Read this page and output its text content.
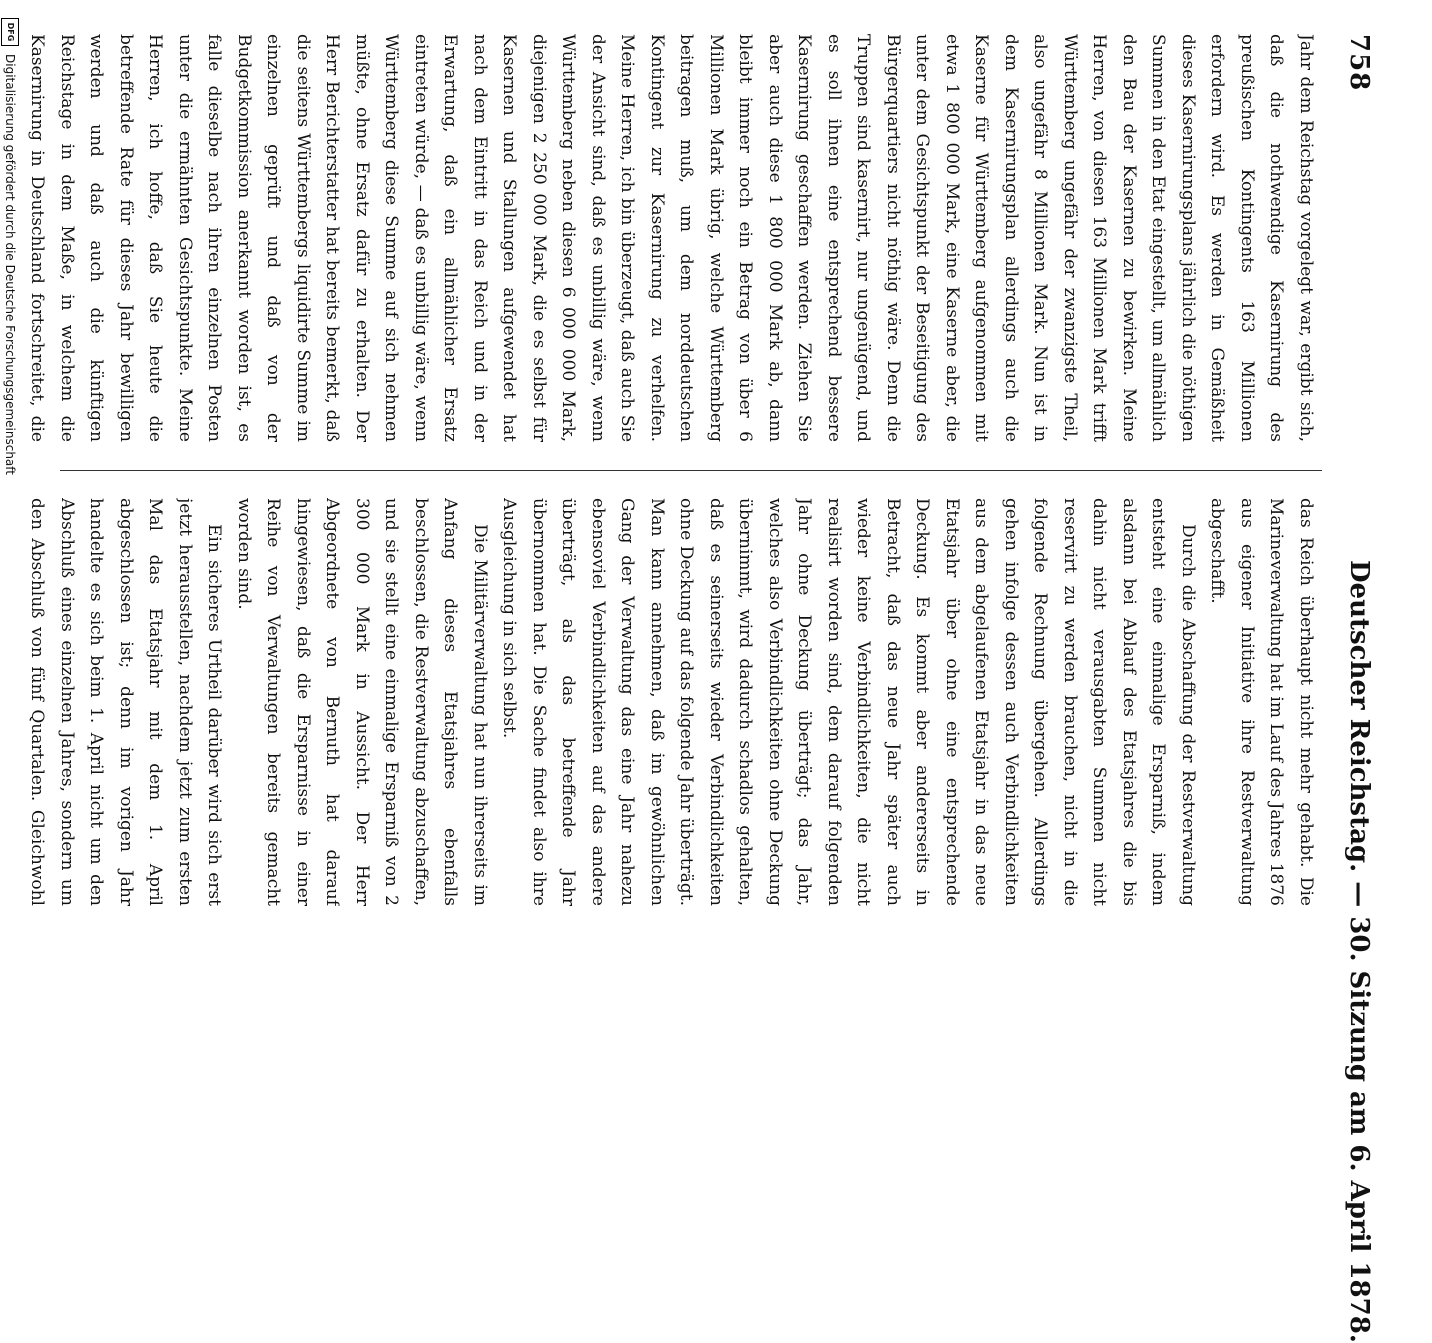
758
Deutscher Reichstag. — 30. Sitzung am 6. April 1878.

Jahr dem Reichstag vorgelegt war, ergibt sich, daß die nothwendige Kasernirung des preußischen Kontingents 163 Millionen erfordern wird. Es werden in Gemäßheit dieses Kasernirungsplans jährlich die nöthigen Summen in den Etat eingestellt, um allmählich den Bau der Kasernen zu bewirken. Meine Herren, von diesen 163 Millionen Mark trifft Württemberg ungefähr der zwanzigste Theil, also ungefähr 8 Millionen Mark. Nun ist in dem Kasernirungsplan allerdings auch die Kaserne für Württemberg aufgenommen mit etwa 1 800 000 Mark, eine Kaserne aber, die unter dem Gesichtspunkt der Beseitigung des Bürgerquartiers nicht nöthig wäre. Denn die Truppen sind kasernirt, nur ungenügend, und es soll ihnen eine entsprechend bessere Kasernirung geschaffen werden. Ziehen Sie aber auch diese 1 800 000 Mark ab, dann bleibt immer noch ein Betrag von über 6 Millionen Mark übrig, welche Württemberg beitragen muß, um dem norddeutschen Kontingent zur Kasernirung zu verhelfen. Meine Herren, ich bin überzeugt, daß auch Sie der Ansicht sind, daß es unbillig wäre, wenn Württemberg neben diesen 6 000 000 Mark, diejenigen 2 250 000 Mark, die es selbst für Kasernen und Stallungen aufgewendet hat nach dem Eintritt in das Reich und in der Erwartung, daß ein allmählicher Ersatz eintreten würde, — daß es unbillig wäre, wenn Württemberg diese Summe auf sich nehmen müßte, ohne Ersatz dafür zu erhalten. Der Herr Berichterstatter hat bereits bemerkt, daß die seitens Württembergs liquidirte Summe im einzelnen geprüft und daß von der Budgetkommission anerkannt worden ist, es falle dieselbe nach ihren einzelnen Posten unter die ermähnten Gesichtspunkte. Meine Herren, ich hoffe, daß Sie heute die betreffende Rate für dieses Jahr bewilligen werden und daß auch die künftigen Reichstage in dem Maße, in welchem die Kasernirung in Deutschland fortschreitet, die

das Reich überhaupt nicht mehr gehabt. Die Marineverwaltung hat im Lauf des Jahres 1876 aus eigener Initiative ihre Restverwaltung abgeschafft.

Durch die Abschaffung der Restverwaltung entsteht eine einmalige Ersparniß, indem alsdann bei Ablauf des Etatsjahres die bis dahin nicht verausgabten Summen nicht reservirt zu werden brauchen, nicht in die folgende Rechnung übergehen. Allerdings gehen infolge dessen auch Verbindlichkeiten aus dem abgelaufenen Etatsjahr in das neue Etatsjahr über ohne eine entsprechende Deckung. Es kommt aber andererseits in Betracht, daß das neue Jahr später auch wieder keine Verbindlichkeiten, die nicht realisirt worden sind, dem darauf folgenden Jahr ohne Deckung überträgt; das Jahr, welches also Verbindlichkeiten ohne Deckung übernimmt, wird dadurch schadlos gehalten, daß es seinerseits wieder Verbindlichkeiten ohne Deckung auf das folgende Jahr überträgt. Man kann annehmen, daß im gewöhnlichen Gang der Verwaltung das eine Jahr nahezu ebensoviel Verbindlichkeiten auf das andere überträgt, als das betreffende Jahr übernommen hat. Die Sache findet also ihre Ausgleichung in sich selbst.

Die Militärverwaltung hat nun ihrerseits im Anfang dieses Etatsjahres ebenfalls beschlossen, die Restverwaltung abzuschaffen, und sie stellt eine einmalige Ersparniß von 2 300 000 Mark in Aussicht. Der Herr Abgeordnete von Bernuth hat darauf hingewiesen, daß die Ersparnisse in einer Reihe von Verwaltungen bereits gemacht worden sind.

Ein sicheres Urtheil darüber wird sich erst jetzt herausstellen, nachdem jetzt zum ersten Mal das Etatsjahr mit dem 1. April abgeschlossen ist; denn im vorigen Jahr handelte es sich beim 1. April nicht um den Abschluß eines einzelnen Jahres, sondern um den Abschluß von fünf Quartalen. Gleichwohl

DFG
Digitalisierung gefördert durch die Deutsche Forschungsgemeinschaft
